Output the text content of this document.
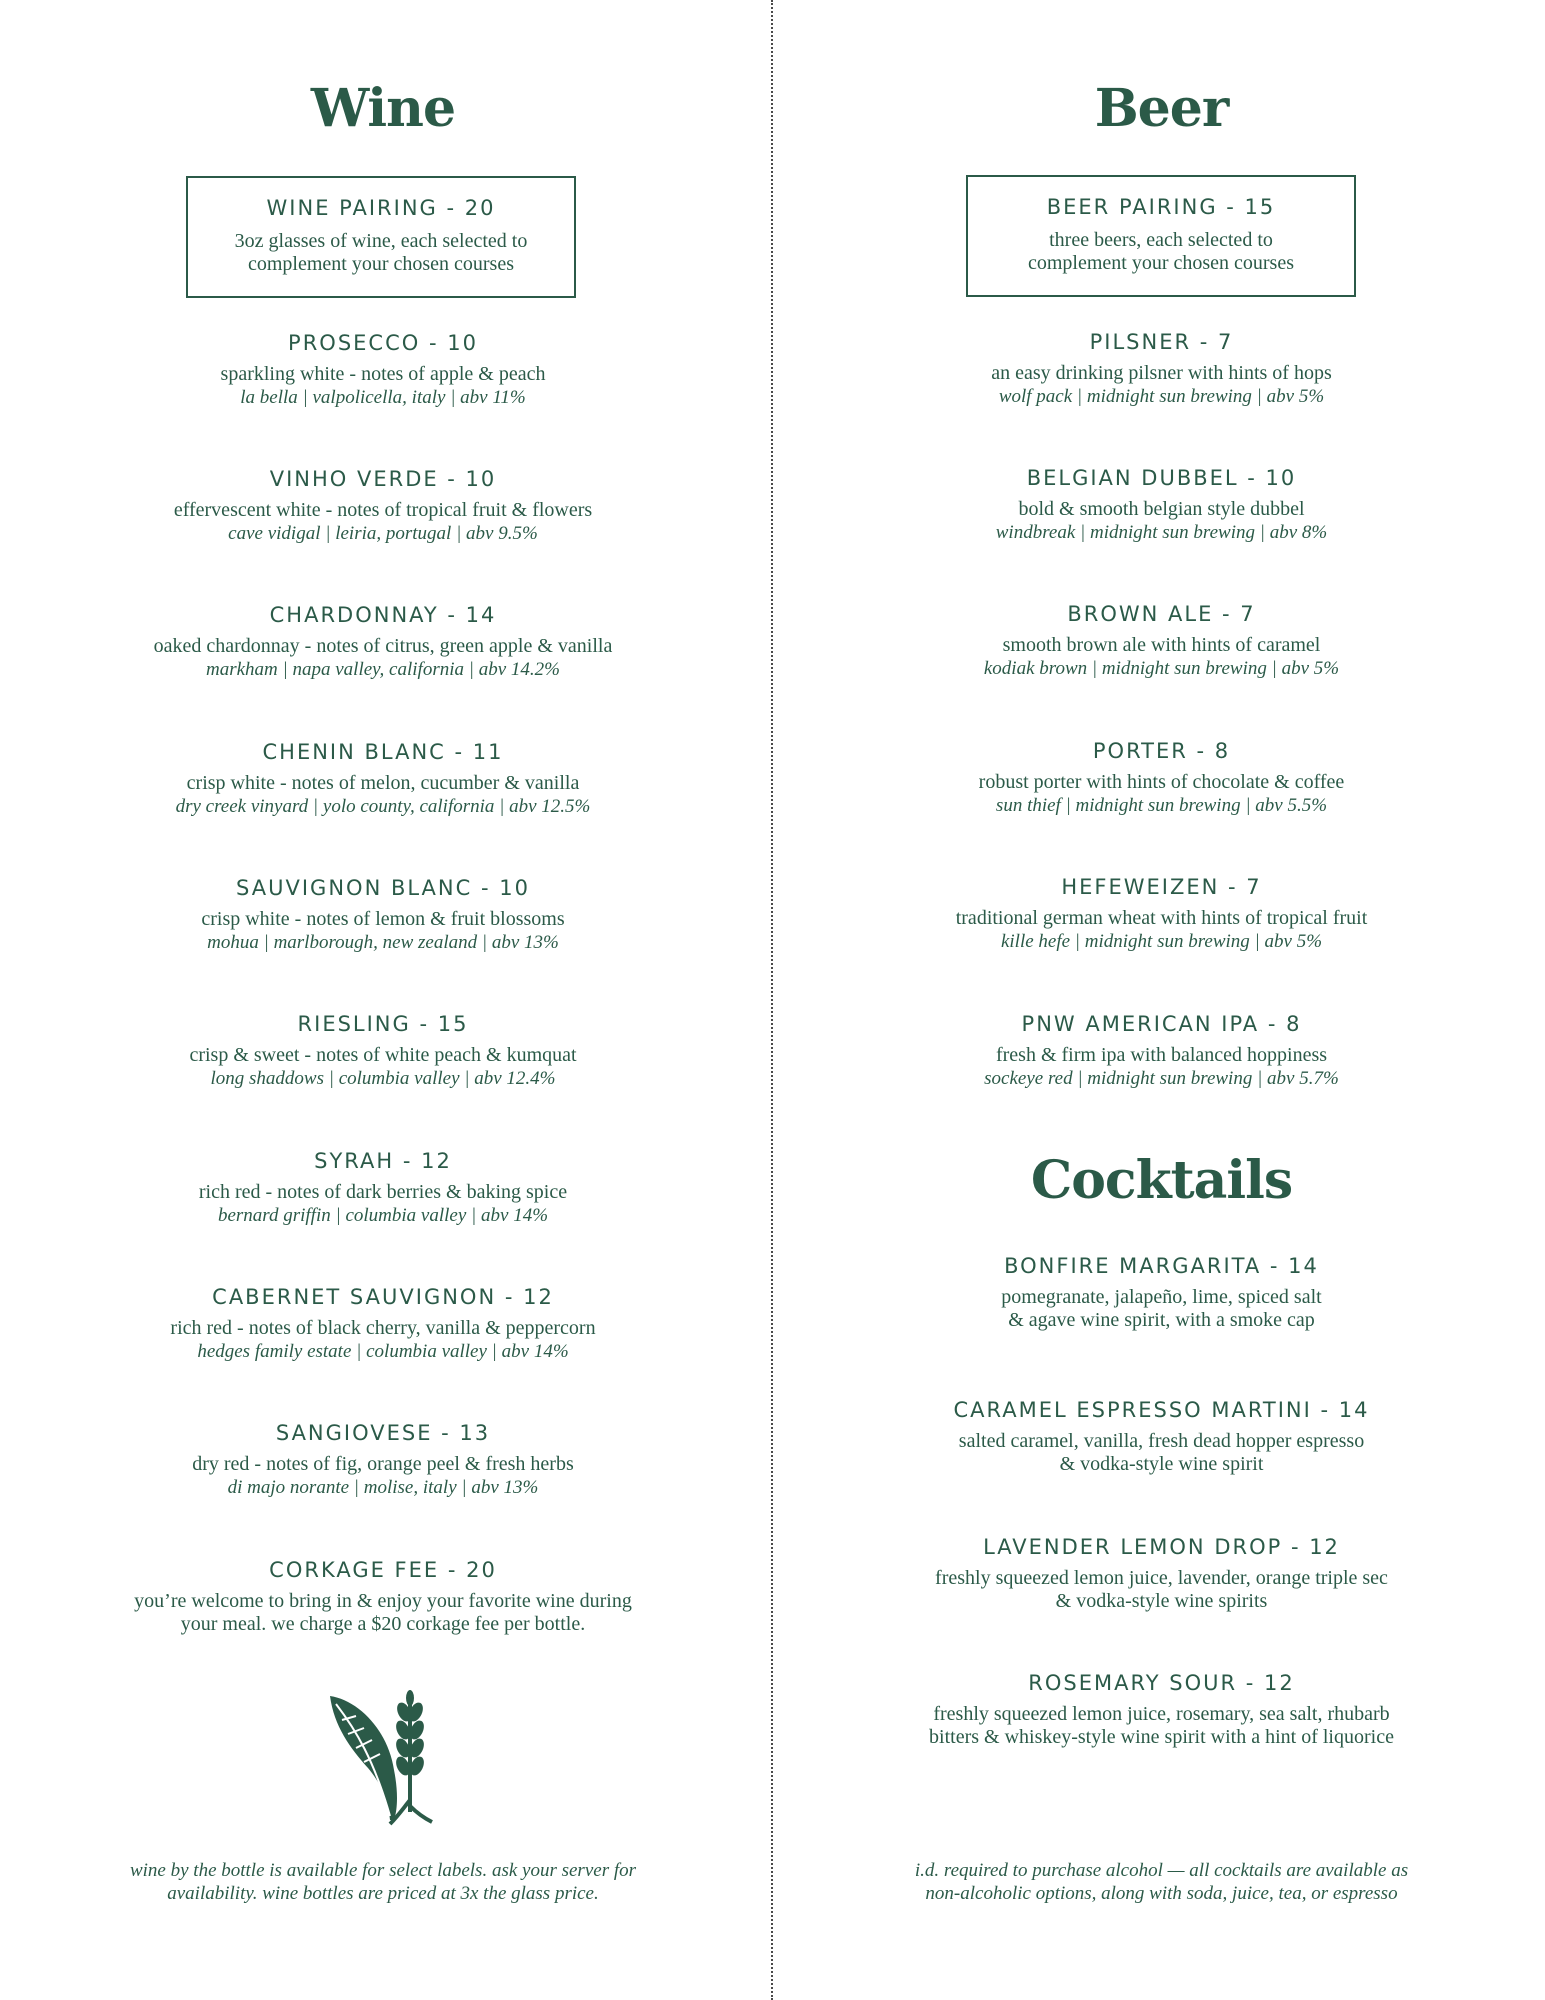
Wine
WINE PAIRING - 20
3oz glasses of wine, each selected to
complement your chosen courses
PROSECCO - 10
sparkling white - notes of apple & peach
la bella | valpolicella, italy | abv 11%
VINHO VERDE - 10
effervescent white - notes of tropical fruit & flowers
cave vidigal | leiria, portugal | abv 9.5%
CHARDONNAY - 14
oaked chardonnay - notes of citrus, green apple & vanilla
markham | napa valley, california | abv 14.2%
CHENIN BLANC - 11
crisp white - notes of melon, cucumber & vanilla
dry creek vinyard | yolo county, california | abv 12.5%
SAUVIGNON BLANC - 10
crisp white - notes of lemon & fruit blossoms
mohua | marlborough, new zealand | abv 13%
RIESLING - 15
crisp & sweet - notes of white peach & kumquat
long shaddows | columbia valley | abv 12.4%
SYRAH - 12
rich red - notes of dark berries & baking spice
bernard griffin | columbia valley | abv 14%
CABERNET SAUVIGNON - 12
rich red - notes of black cherry, vanilla & peppercorn
hedges family estate | columbia valley | abv 14%
SANGIOVESE - 13
dry red - notes of fig, orange peel & fresh herbs
di majo norante | molise, italy | abv 13%
CORKAGE FEE - 20
you’re welcome to bring in & enjoy your favorite wine during
your meal. we charge a $20 corkage fee per bottle.
wine by the bottle is available for select labels. ask your server for
availability. wine bottles are priced at 3x the glass price.
Beer
BEER PAIRING - 15
three beers, each selected to
complement your chosen courses
PILSNER - 7
an easy drinking pilsner with hints of hops
wolf pack | midnight sun brewing | abv 5%
BELGIAN DUBBEL - 10
bold & smooth belgian style dubbel
windbreak | midnight sun brewing | abv 8%
BROWN ALE - 7
smooth brown ale with hints of caramel
kodiak brown | midnight sun brewing | abv 5%
PORTER - 8
robust porter with hints of chocolate & coffee
sun thief | midnight sun brewing | abv 5.5%
HEFEWEIZEN - 7
traditional german wheat with hints of tropical fruit
kille hefe | midnight sun brewing | abv 5%
PNW AMERICAN IPA - 8
fresh & firm ipa with balanced hoppiness
sockeye red | midnight sun brewing | abv 5.7%
Cocktails
BONFIRE MARGARITA - 14
pomegranate, jalapeño, lime, spiced salt
& agave wine spirit, with a smoke cap
CARAMEL ESPRESSO MARTINI - 14
salted caramel, vanilla, fresh dead hopper espresso
& vodka-style wine spirit
LAVENDER LEMON DROP - 12
freshly squeezed lemon juice, lavender, orange triple sec
& vodka-style wine spirits
ROSEMARY SOUR - 12
freshly squeezed lemon juice, rosemary, sea salt, rhubarb
bitters & whiskey-style wine spirit with a hint of liquorice
i.d. required to purchase alcohol — all cocktails are available as
non-alcoholic options, along with soda, juice, tea, or espresso
